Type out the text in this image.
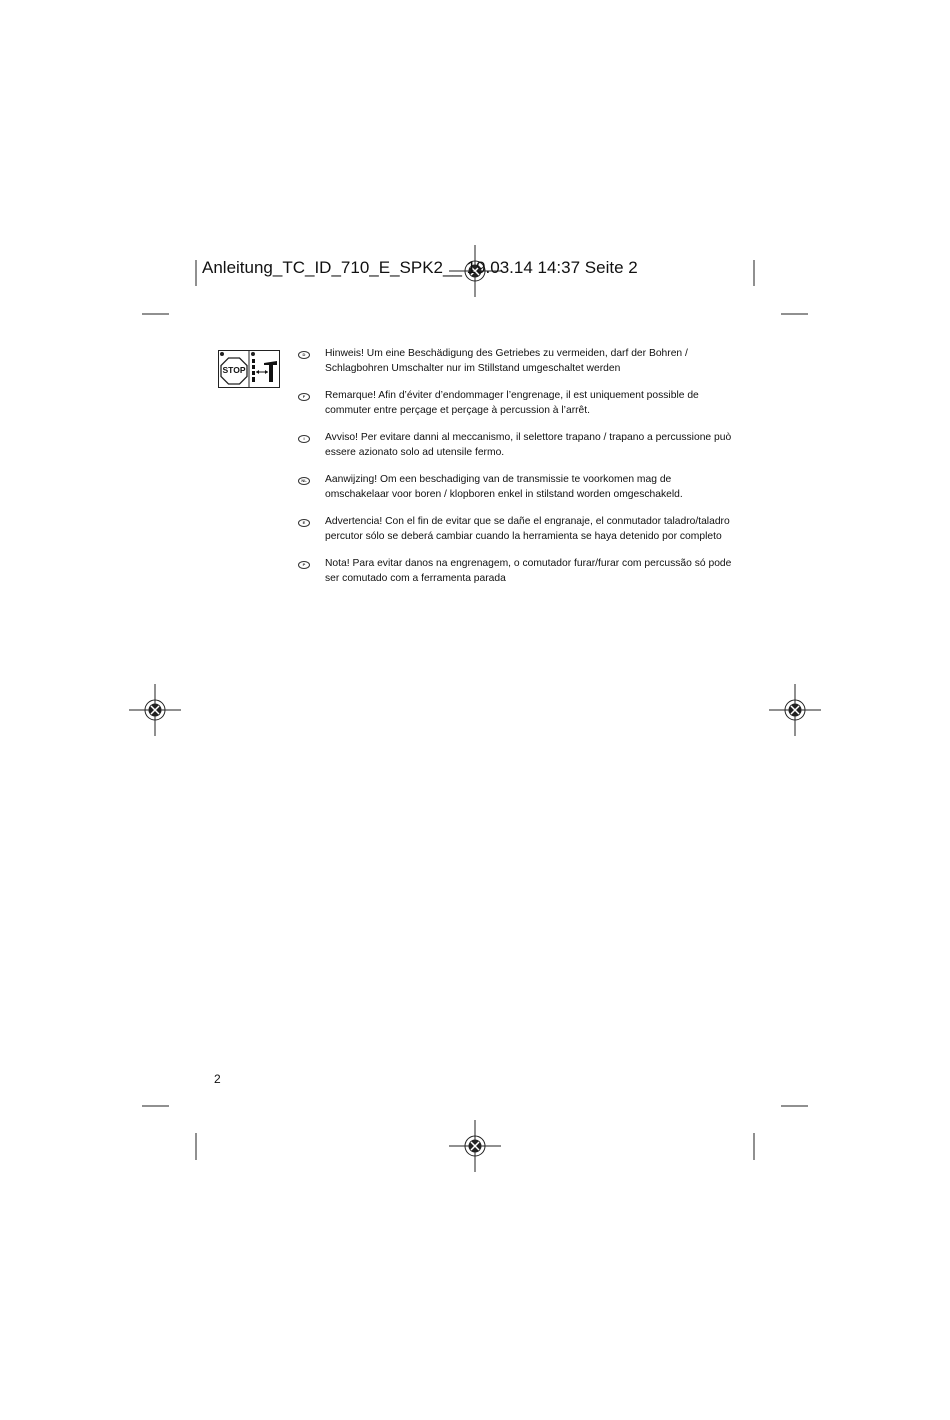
Anleitung_TC_ID_710_E_SPK2__ 19.03.14 14:37 Seite 2
STOP
D	Hinweis! Um eine Beschädigung des Getriebes zu vermeiden, darf der Bohren / Schlagbohren Umschalter nur im Stillstand umgeschaltet werden
F	Remarque! Afin d’éviter d’endommager l’engrenage, il est uniquement possible de commuter entre perçage et perçage à percussion à l’arrêt.
I	Avviso! Per evitare danni al meccanismo, il selettore trapano / trapano a percussione può essere azionato solo ad utensile fermo.
NL	Aanwijzing! Om een beschadiging van de transmissie te voorkomen mag de omschakelaar voor boren / klopboren enkel in stilstand worden omgeschakeld.
E	Advertencia! Con el fin de evitar que se dañe el engranaje, el conmutador taladro/taladro percutor sólo se deberá cambiar cuando la herramienta se haya detenido por completo
P	Nota! Para evitar danos na engrenagem, o comutador furar/furar com percussão só pode ser comutado com a ferramenta parada
2
